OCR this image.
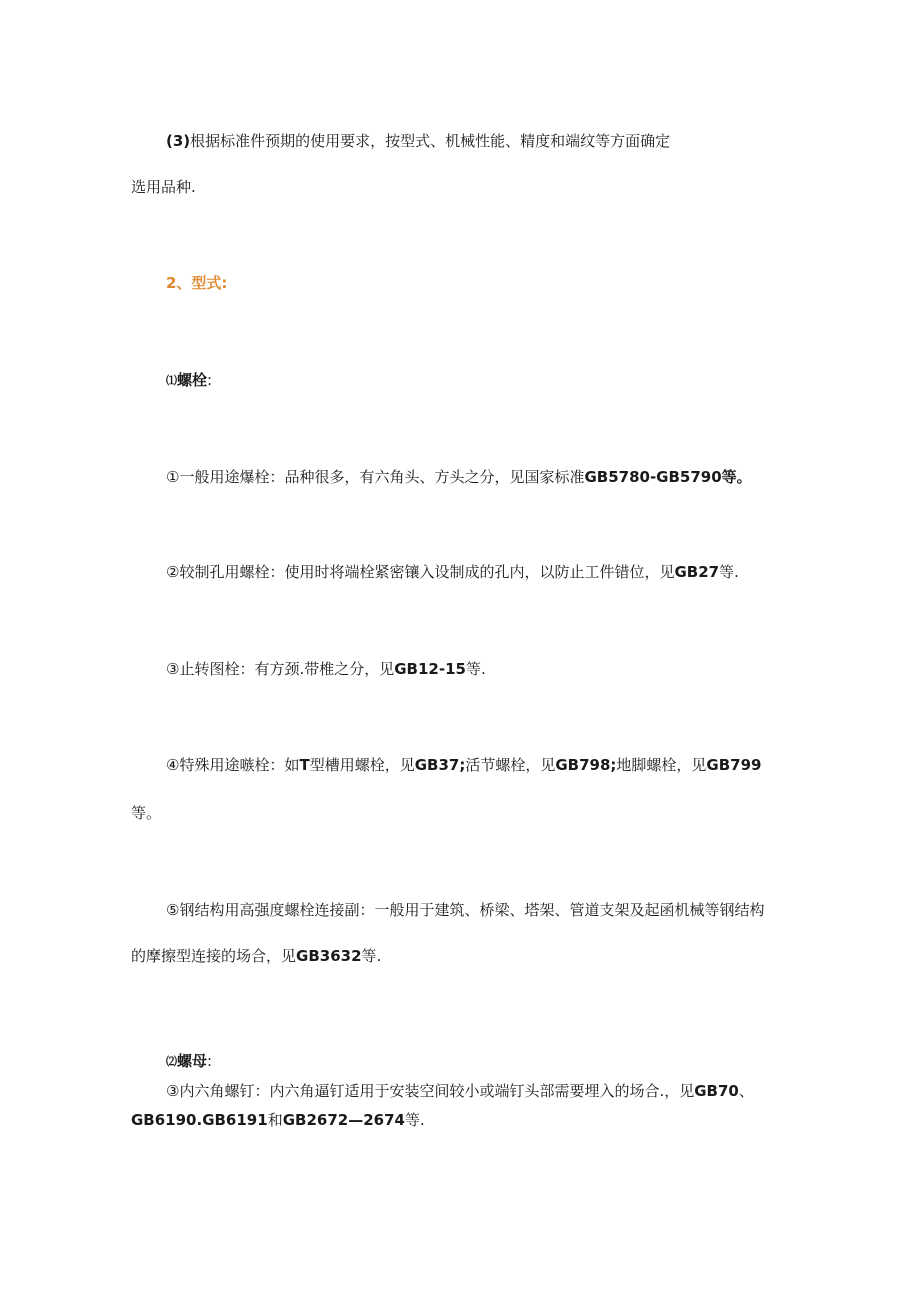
(3)根据标准件预期的使用要求，按型式、机械性能、精度和端纹等方面确定
选用品种.
2、型式:
⑴螺栓:
①一般用途爆栓：品种很多，有六角头、方头之分，见国家标准GB5780-GB5790等。
②较制孔用螺栓：使用时将端栓紧密镶入设制成的孔内，以防止工件错位，见GB27等.
③止转图栓：有方颈.带椎之分，见GB12-15等.
④特殊用途嗾栓：如T型槽用螺栓，见GB37;活节螺栓，见GB798;地脚螺栓，见GB799
等。
⑤钢结构用高强度螺栓连接副：一般用于建筑、桥梁、塔架、管道支架及起函机械等钢结构
的摩擦型连接的场合，见GB3632等.
⑵螺母:
③内六角螺钉：内六角逼钉适用于安装空间较小或端钉头部需要埋入的场合.，见GB70、
GB6190.GB6191和GB2672—2674等.
